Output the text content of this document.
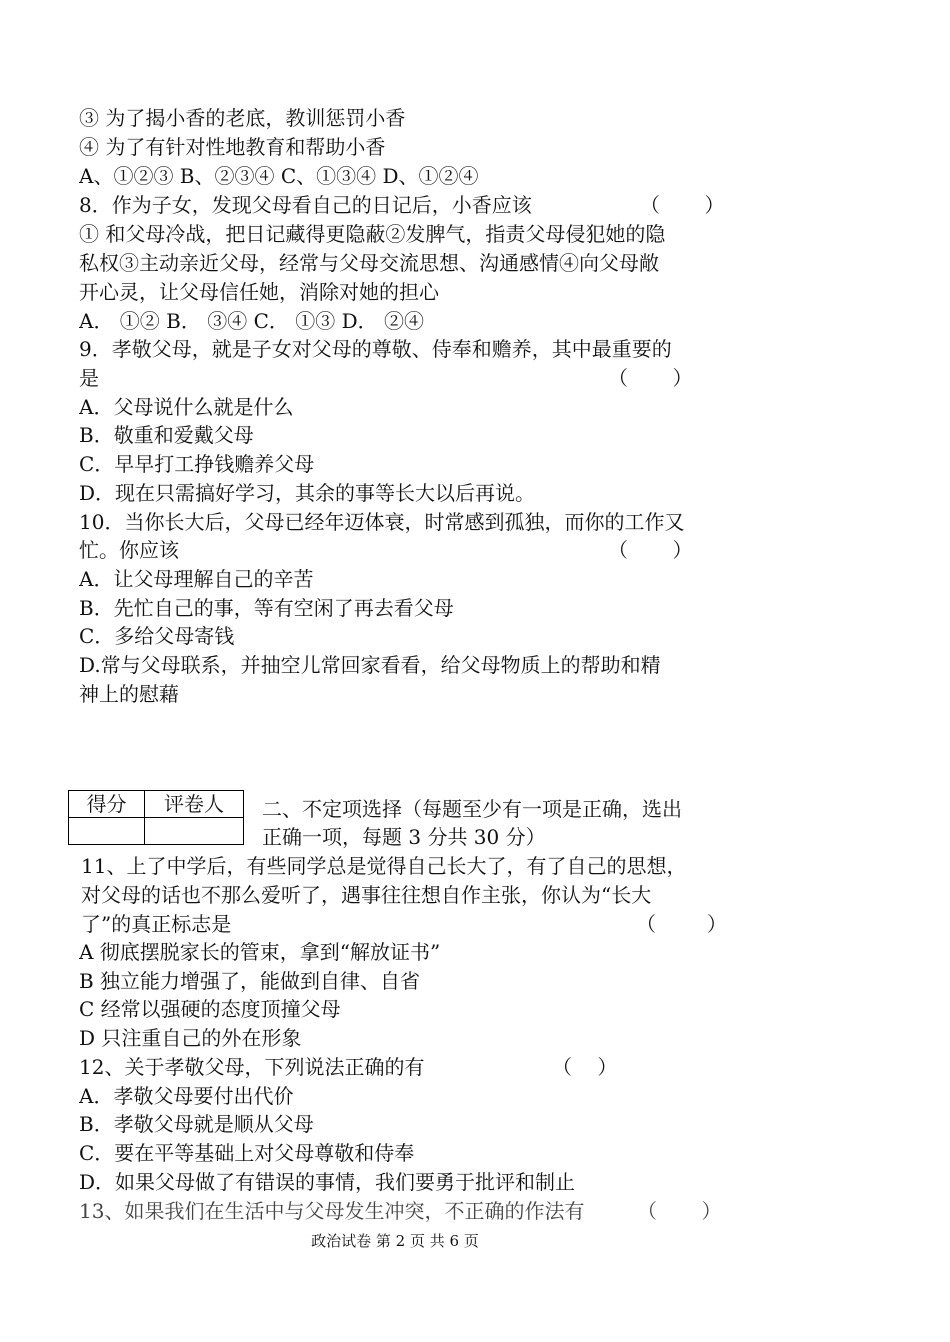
③ 为了揭小香的老底，教训惩罚小香
④ 为了有针对性地教育和帮助小香
A、①②③ B、②③④ C、①③④ D、①②④
8．作为子女，发现父母看自己的日记后，小香应该	（       ）
① 和父母冷战，把日记藏得更隐蔽②发脾气，指责父母侵犯她的隐
私权③主动亲近父母，经常与父母交流思想、沟通感情④向父母敞
开心灵，让父母信任她，消除对她的担心
A． ①② B． ③④ C． ①③ D． ②④
9．孝敬父母，就是子女对父母的尊敬、侍奉和赡养，其中最重要的
是	（       ）
A．父母说什么就是什么
B．敬重和爱戴父母
C．早早打工挣钱赡养父母
D．现在只需搞好学习，其余的事等长大以后再说。
10．当你长大后，父母已经年迈体衰，时常感到孤独，而你的工作又
忙。你应该	（       ）
A．让父母理解自己的辛苦
B．先忙自己的事，等有空闲了再去看父母
C．多给父母寄钱
D.常与父母联系，并抽空儿常回家看看，给父母物质上的帮助和精
神上的慰藉
得分	评卷人
	二、不定项选择（每题至少有一项是正确，选出
正确一项，每题 3 分共 30 分）
11、上了中学后，有些同学总是觉得自己长大了，有了自己的思想，
对父母的话也不那么爱听了，遇事往往想自作主张，你认为“长大
了”的真正标志是	（        ）
A 彻底摆脱家长的管束，拿到“解放证书”
B 独立能力增强了，能做到自律、自省
C 经常以强硬的态度顶撞父母
D 只注重自己的外在形象
12、关于孝敬父母，下列说法正确的有	（    ）
A．孝敬父母要付出代价
B．孝敬父母就是顺从父母
C．要在平等基础上对父母尊敬和侍奉
D．如果父母做了有错误的事情，我们要勇于批评和制止
13、如果我们在生活中与父母发生冲突，不正确的作法有	（       ）
政治试卷 第 2 页 共 6 页
